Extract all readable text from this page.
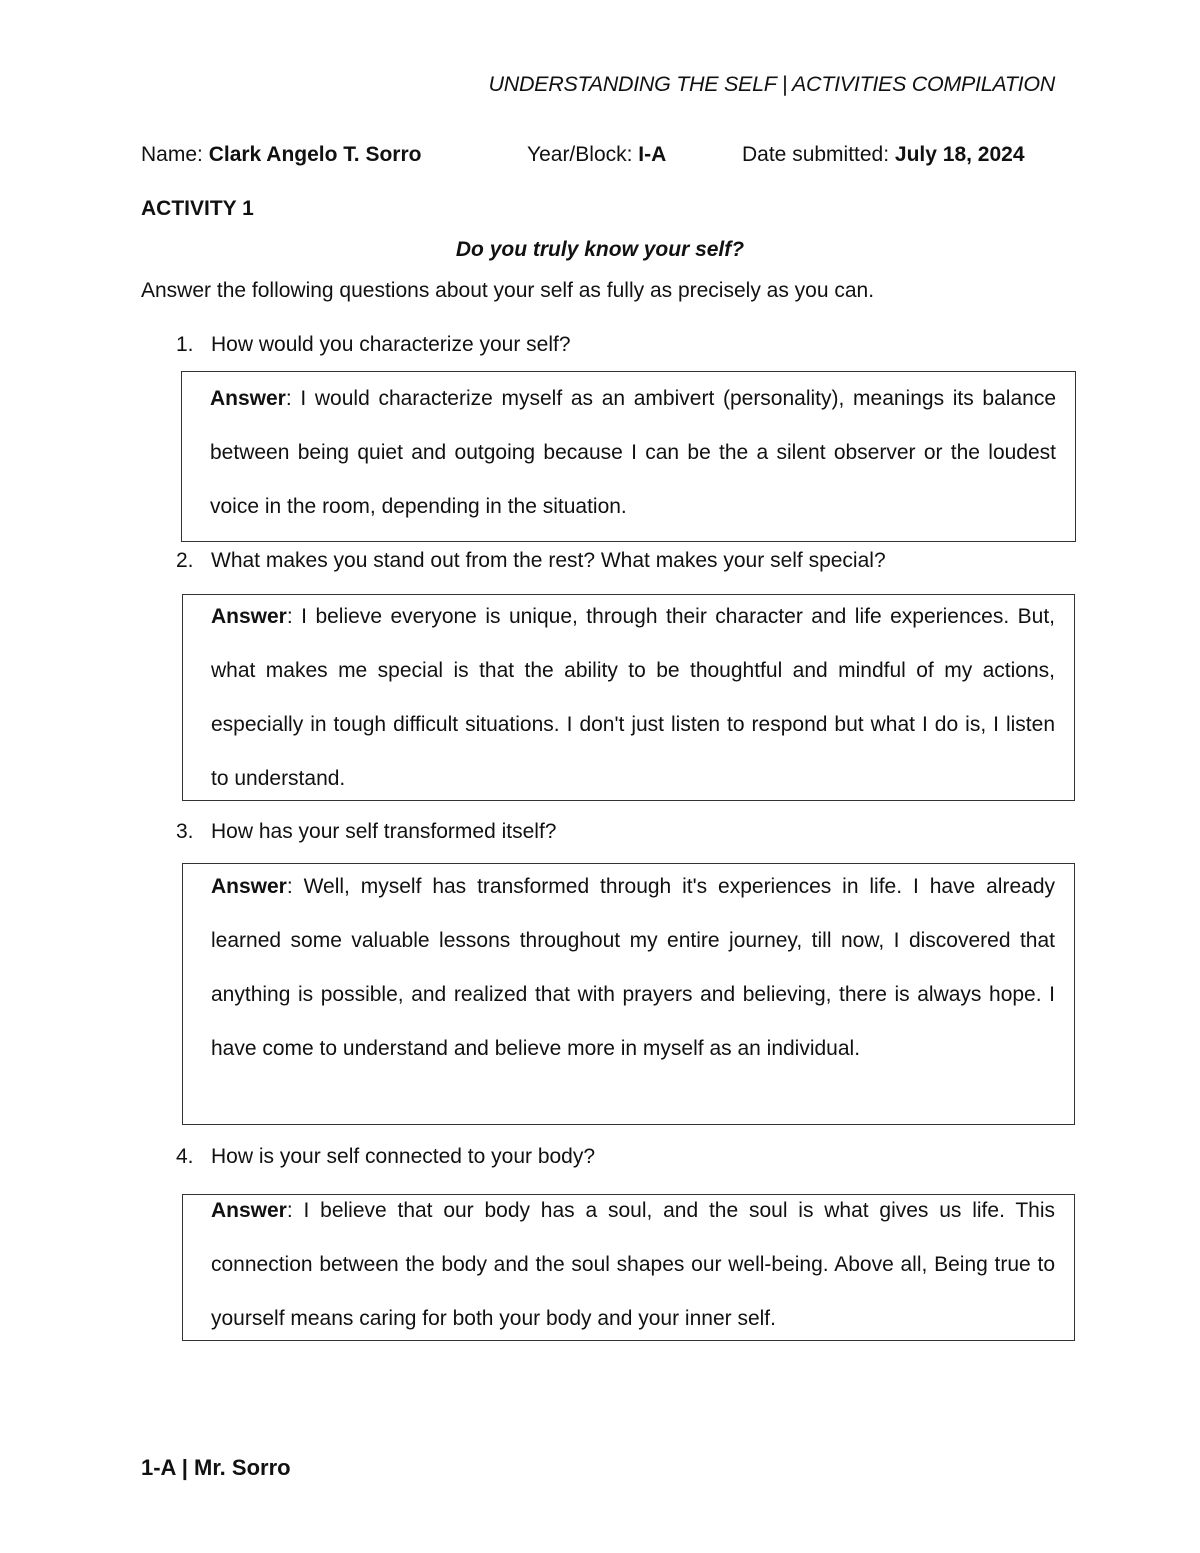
UNDERSTANDING THE SELF | ACTIVITIES COMPILATION
Name: Clark Angelo T. Sorro	Year/Block: I-A	Date submitted: July 18, 2024
ACTIVITY 1
Do you truly know your self?
Answer the following questions about your self as fully as precisely as you can.
1. How would you characterize your self?
Answer: I would characterize myself as an ambivert (personality), meanings its balance between being quiet and outgoing because I can be the a silent observer or the loudest voice in the room, depending in the situation.
2. What makes you stand out from the rest? What makes your self special?
Answer: I believe everyone is unique, through their character and life experiences. But, what makes me special is that the ability to be thoughtful and mindful of my actions, especially in tough difficult situations. I don't just listen to respond but what I do is, I listen to understand.
3. How has your self transformed itself?
Answer: Well, myself has transformed through it's experiences in life. I have already learned some valuable lessons throughout my entire journey, till now, I discovered that anything is possible, and realized that with prayers and believing, there is always hope. I have come to understand and believe more in myself as an individual.
4. How is your self connected to your body?
Answer: I believe that our body has a soul, and the soul is what gives us life. This connection between the body and the soul shapes our well-being. Above all, Being true to yourself means caring for both your body and your inner self.
1-A | Mr. Sorro
